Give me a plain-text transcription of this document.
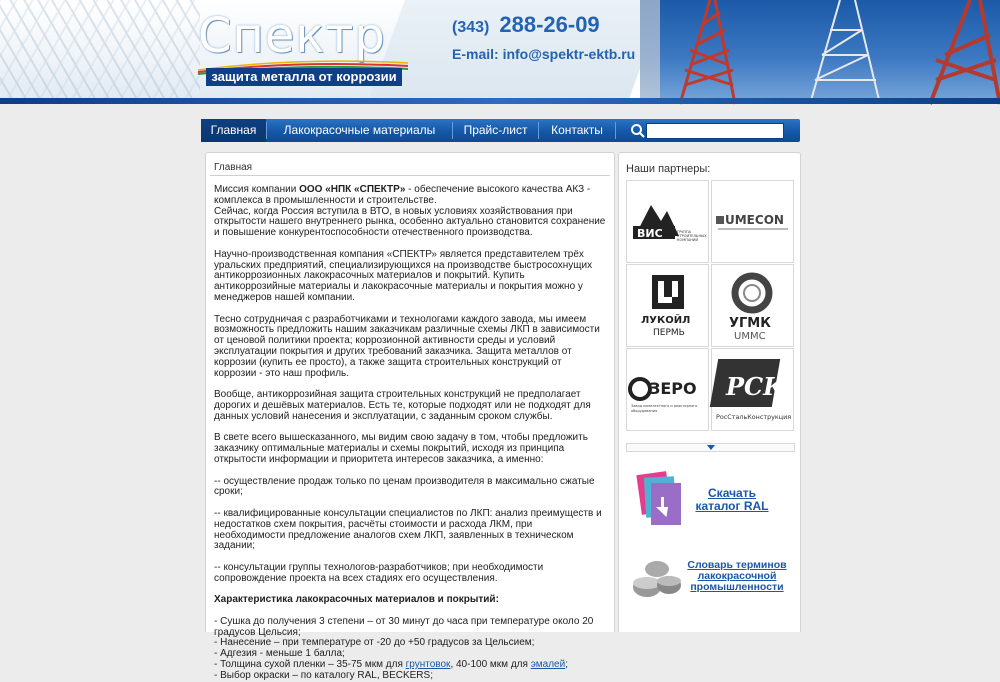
Спектр
защита металла от коррозии
(343) 288-26-09
E-mail: info@spektr-ektb.ru
Главная	Лакокрасочные материалы	Прайс-лист	Контакты
Главная

Миссия компании ООО «НПК «СПЕКТР» - обеспечение высокого качества АКЗ - комплекса в промышленности и строительстве.
Сейчас, когда Россия вступила в ВТО, в новых условиях хозяйствования при открытости нашего внутреннего рынка, особенно актуально становится сохранение и повышение конкурентоспособности отечественного производства.

Научно-производственная компания «СПЕКТР» является представителем трёх уральских предприятий, специализирующихся на производстве быстросохнущих антикоррозионных лакокрасочных материалов и покрытий. Купить антикоррозийные материалы и лакокрасочные материалы и покрытия можно у менеджеров нашей компании.

Тесно сотрудничая с разработчиками и технологами каждого завода, мы имеем возможность предложить нашим заказчикам различные схемы ЛКП в зависимости от ценовой политики проекта; коррозионной активности среды и условий эксплуатации покрытия и других требований заказчика. Защита металлов от коррозии (купить ее просто), а также защита строительных конструкций от коррозии - это наш профиль.

Вообще, антикоррозийная защита строительных конструкций не предполагает дорогих и дешёвых материалов. Есть те, которые подходят или не подходят для данных условий нанесения и эксплуатации, с заданным сроком службы.

В свете всего вышесказанного, мы видим свою задачу в том, чтобы предложить заказчику оптимальные материалы и схемы покрытий, исходя из принципа открытости информации и приоритета интересов заказчика, а именно:

-- осуществление продаж только по ценам производителя в максимально сжатые сроки;

-- квалифицированные консультации специалистов по ЛКП: анализ преимуществ и недостатков схем покрытия, расчёты стоимости и расхода ЛКМ, при необходимости предложение аналогов схем ЛКП, заявленных в техническом задании;

-- консультации группы технологов-разработчиков; при необходимости сопровождение проекта на всех стадиях его осуществления.

Характеристика лакокрасочных материалов и покрытий:

- Сушка до получения 3 степени – от 30 минут до часа при температуре около 20 градусов Цельсия;
- Нанесение – при температуре от -20 до +50 градусов за Цельсием;
- Адгезия - меньше 1 балла;
- Толщина сухой пленки – 35-75 мкм для грунтовок, 40-100 мкм для эмалей;
- Выбор окраски – по каталогу RAL, BECKERS;
Наши партнеры:
ВИС	ГРУППА
СТРОИТЕЛЬНЫХ
КОМПАНИЙ
UMECON
ЛУКОЙЛ
ПЕРМЬ
УГМК
UMMC
ЗЕРО
Завод комплектного и реакторного
оборудования
РСК
РосСтальКонструкция
Скачать каталог RAL
Словарь терминов лакокрасочной промышленности
